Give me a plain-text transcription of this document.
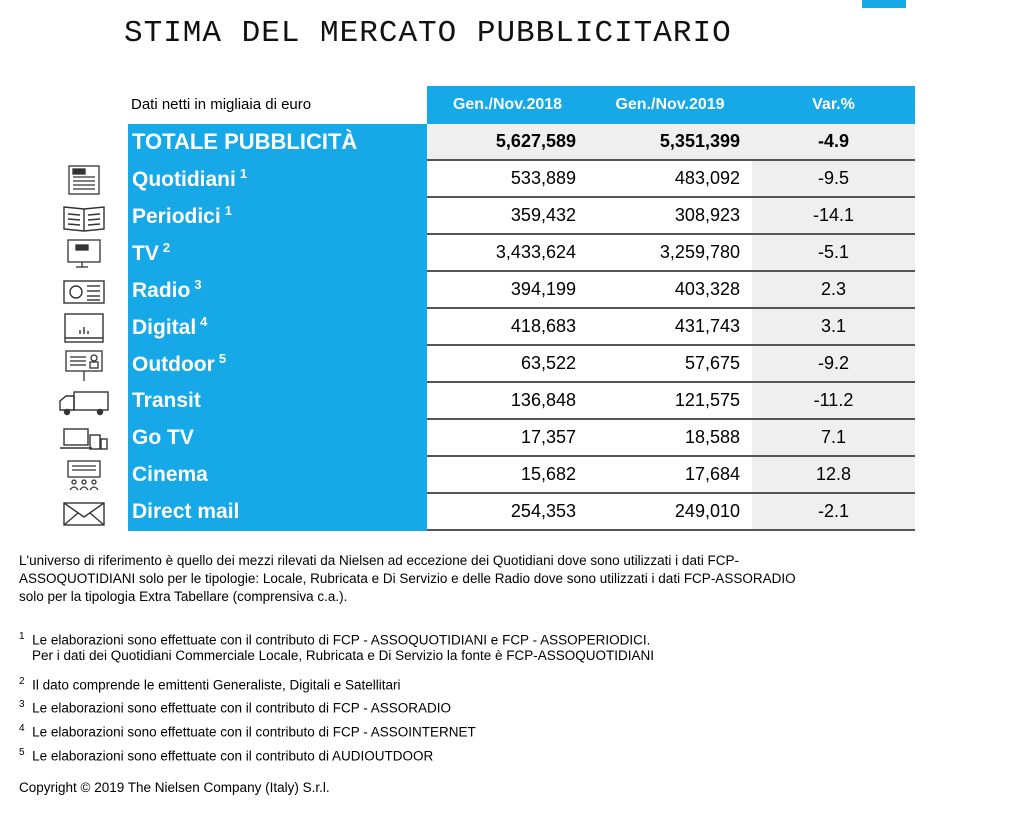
STIMA DEL MERCATO PUBBLICITARIO
Dati netti in migliaia di euro
		Gen./Nov.2018	Gen./Nov.2019	Var.%
TOTALE PUBBLICITÀ	5,627,589	5,351,399	-4.9
Quotidiani $^1$	533,889	483,092	-9.5
Periodici $^1$	359,432	308,923	-14.1
TV $^2$	3,433,624	3,259,780	-5.1
Radio $^3$	394,199	403,328	2.3
Digital $^4$	418,683	431,743	3.1
Outdoor $^5$	63,522	57,675	-9.2
Transit	136,848	121,575	-11.2
Go TV	17,357	18,588	7.1
Cinema	15,682	17,684	12.8
Direct mail	254,353	249,010	-2.1
L'universo di riferimento è quello dei mezzi rilevati da Nielsen ad eccezione dei Quotidiani dove sono utilizzati i dati FCP-
ASSOQUOTIDIANI solo per le tipologie: Locale, Rubricata e Di Servizio e delle Radio dove sono utilizzati i dati FCP-ASSORADIO
solo per la tipologia Extra Tabellare (comprensiva c.a.).
$^1$ Le elaborazioni sono effettuate con il contributo di FCP - ASSOQUOTIDIANI e FCP - ASSOPERIODICI.
Per i dati dei Quotidiani Commerciale Locale, Rubricata e Di Servizio la fonte è FCP-ASSOQUOTIDIANI
$^2$ Il dato comprende le emittenti Generaliste, Digitali e Satellitari
$^3$ Le elaborazioni sono effettuate con il contributo di FCP - ASSORADIO
$^4$ Le elaborazioni sono effettuate con il contributo di FCP - ASSOINTERNET
$^5$ Le elaborazioni sono effettuate con il contributo di AUDIOUTDOOR
Copyright © 2019 The Nielsen Company (Italy) S.r.l.
